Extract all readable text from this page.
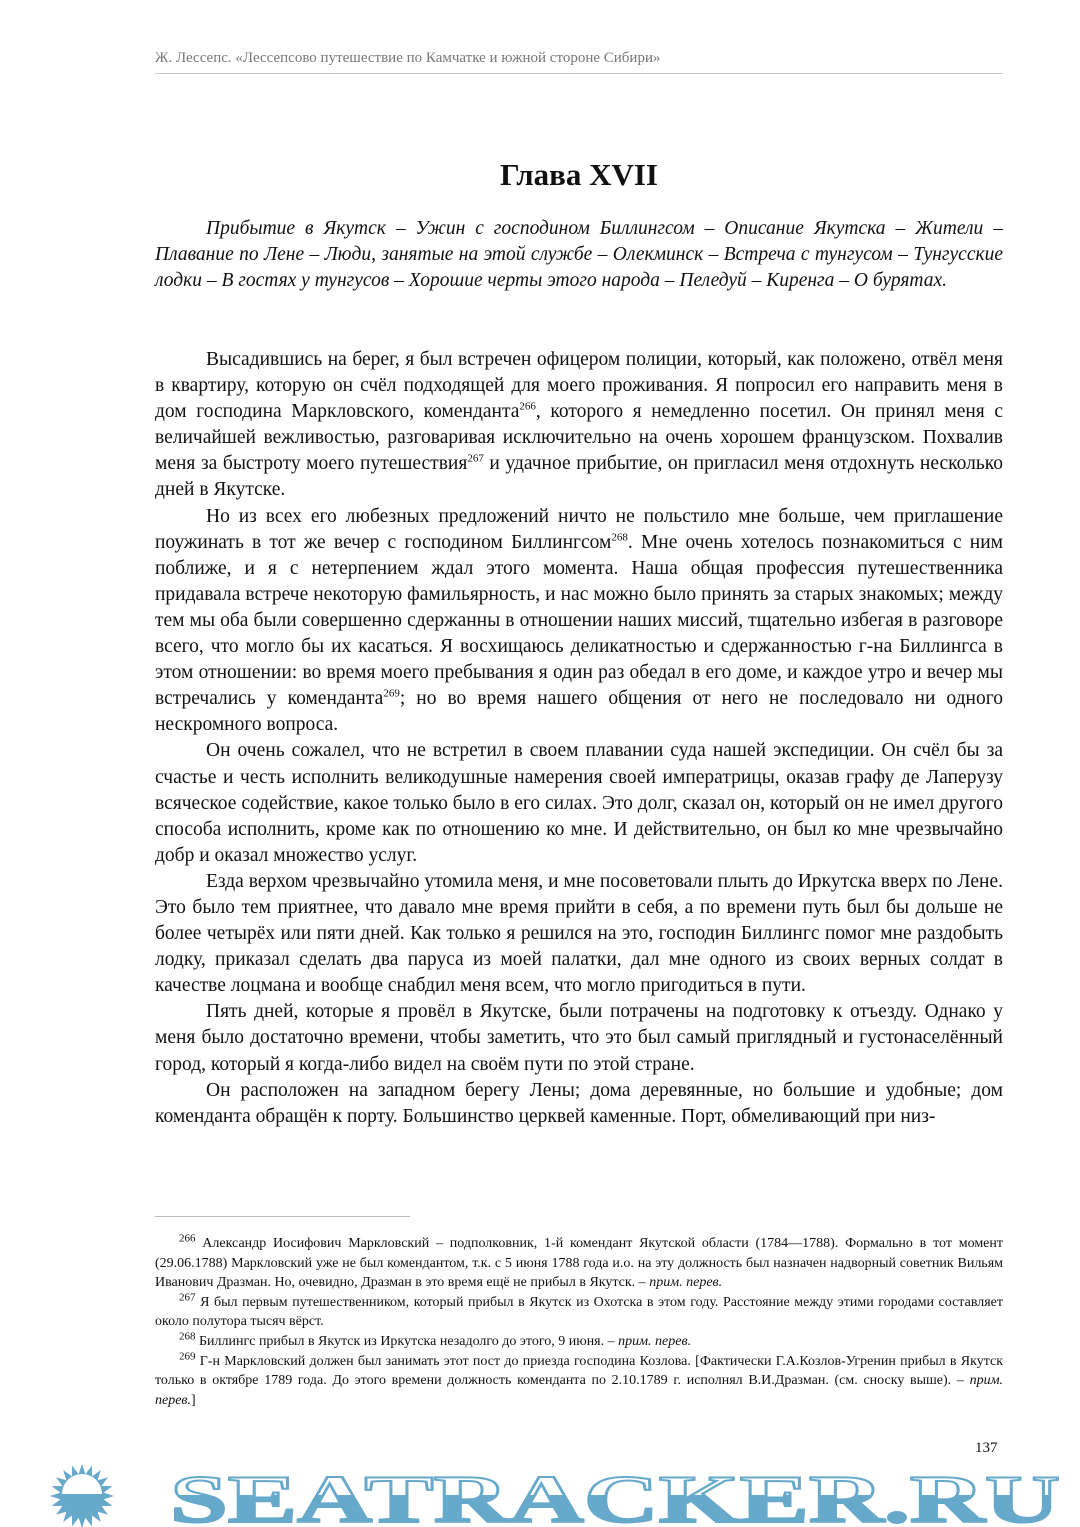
Ж. Лессепс. «Лессепсово путешествие по Камчатке и южной стороне Сибири»
Глава XVII

Прибытие в Якутск – Ужин с господином Биллингсом – Описание Якутска – Жители – Плавание по Лене – Люди, занятые на этой службе – Олекминск – Встреча с тунгусом – Тунгусские лодки – В гостях у тунгусов – Хорошие черты этого народа – Пеледуй – Киренга – О бурятах.

Высадившись на берег, я был встречен офицером полиции, который, как положено, отвёл меня в квартиру, которую он счёл подходящей для моего проживания. Я попросил его направить меня в дом господина Маркловского, коменданта$^{266}$, которого я немедленно посетил. Он принял меня с величайшей вежливостью, разговаривая исключительно на очень хорошем французском. Похвалив меня за быстроту моего путешествия$^{267}$ и удачное прибытие, он пригласил меня отдохнуть несколько дней в Якутске.

Но из всех его любезных предложений ничто не польстило мне больше, чем приглашение поужинать в тот же вечер с господином Биллингсом$^{268}$. Мне очень хотелось познакомиться с ним поближе, и я с нетерпением ждал этого момента. Наша общая профессия путешественника придавала встрече некоторую фамильярность, и нас можно было принять за старых знакомых; между тем мы оба были совершенно сдержанны в отношении наших миссий, тщательно избегая в разговоре всего, что могло бы их касаться. Я восхищаюсь деликатностью и сдержанностью г-на Биллингса в этом отношении: во время моего пребывания я один раз обедал в его доме, и каждое утро и вечер мы встречались у коменданта$^{269}$; но во время нашего общения от него не последовало ни одного нескромного вопроса.

Он очень сожалел, что не встретил в своем плавании суда нашей экспедиции. Он счёл бы за счастье и честь исполнить великодушные намерения своей императрицы, оказав графу де Лаперузу всяческое содействие, какое только было в его силах. Это долг, сказал он, который он не имел другого способа исполнить, кроме как по отношению ко мне. И действительно, он был ко мне чрезвычайно добр и оказал множество услуг.

Езда верхом чрезвычайно утомила меня, и мне посоветовали плыть до Иркутска вверх по Лене. Это было тем приятнее, что давало мне время прийти в себя, а по времени путь был бы дольше не более четырёх или пяти дней. Как только я решился на это, господин Биллингс помог мне раздобыть лодку, приказал сделать два паруса из моей палатки, дал мне одного из своих верных солдат в качестве лоцмана и вообще снабдил меня всем, что могло пригодиться в пути.

Пять дней, которые я провёл в Якутске, были потрачены на подготовку к отъезду. Однако у меня было достаточно времени, чтобы заметить, что это был самый приглядный и густонаселённый город, который я когда-либо видел на своём пути по этой стране.

Он расположен на западном берегу Лены; дома деревянные, но большие и удобные; дом коменданта обращён к порту. Большинство церквей каменные. Порт, обмеливающий при низ-

$^{266}$ Александр Иосифович Маркловский – подполковник, 1-й комендант Якутской области (1784—1788). Формально в тот момент (29.06.1788) Маркловский уже не был комендантом, т.к. с 5 июня 1788 года и.о. на эту должность был назначен надворный советник Вильям Иванович Дразман. Но, очевидно, Дразман в это время ещё не прибыл в Якутск. – прим. перев.

$^{267}$ Я был первым путешественником, который прибыл в Якутск из Охотска в этом году. Расстояние между этими городами составляет около полутора тысяч вёрст.

$^{268}$ Биллингс прибыл в Якутск из Иркутска незадолго до этого, 9 июня. – прим. перев.

$^{269}$ Г-н Маркловский должен был занимать этот пост до приезда господина Козлова. [Фактически Г.А.Козлов-Угренин прибыл в Якутск только в октябре 1789 года. До этого времени должность коменданта по 2.10.1789 г. исполнял В.И.Дразман. (см. сноску выше). – прим. перев.]

137
SEATRACKER.RU
